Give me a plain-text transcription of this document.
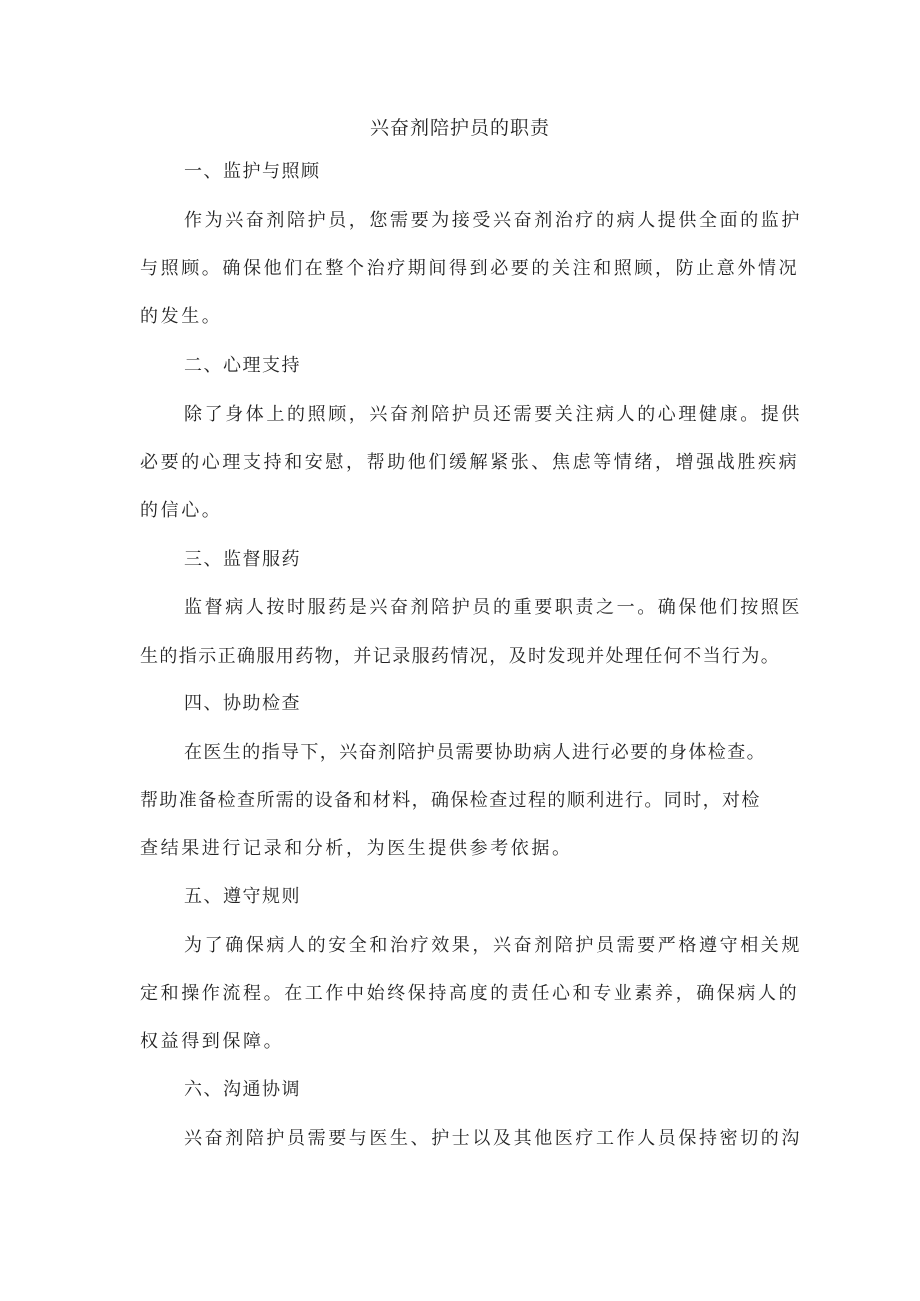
兴奋剂陪护员的职责
一、监护与照顾
作为兴奋剂陪护员，您需要为接受兴奋剂治疗的病人提供全面的监护
与照顾。确保他们在整个治疗期间得到必要的关注和照顾，防止意外情况
的发生。
二、心理支持
除了身体上的照顾，兴奋剂陪护员还需要关注病人的心理健康。提供
必要的心理支持和安慰，帮助他们缓解紧张、焦虑等情绪，增强战胜疾病
的信心。
三、监督服药
监督病人按时服药是兴奋剂陪护员的重要职责之一。确保他们按照医
生的指示正确服用药物，并记录服药情况，及时发现并处理任何不当行为。
四、协助检查
在医生的指导下，兴奋剂陪护员需要协助病人进行必要的身体检查。
帮助准备检查所需的设备和材料，确保检查过程的顺利进行。同时，对检
查结果进行记录和分析，为医生提供参考依据。
五、遵守规则
为了确保病人的安全和治疗效果，兴奋剂陪护员需要严格遵守相关规
定和操作流程。在工作中始终保持高度的责任心和专业素养，确保病人的
权益得到保障。
六、沟通协调
兴奋剂陪护员需要与医生、护士以及其他医疗工作人员保持密切的沟
